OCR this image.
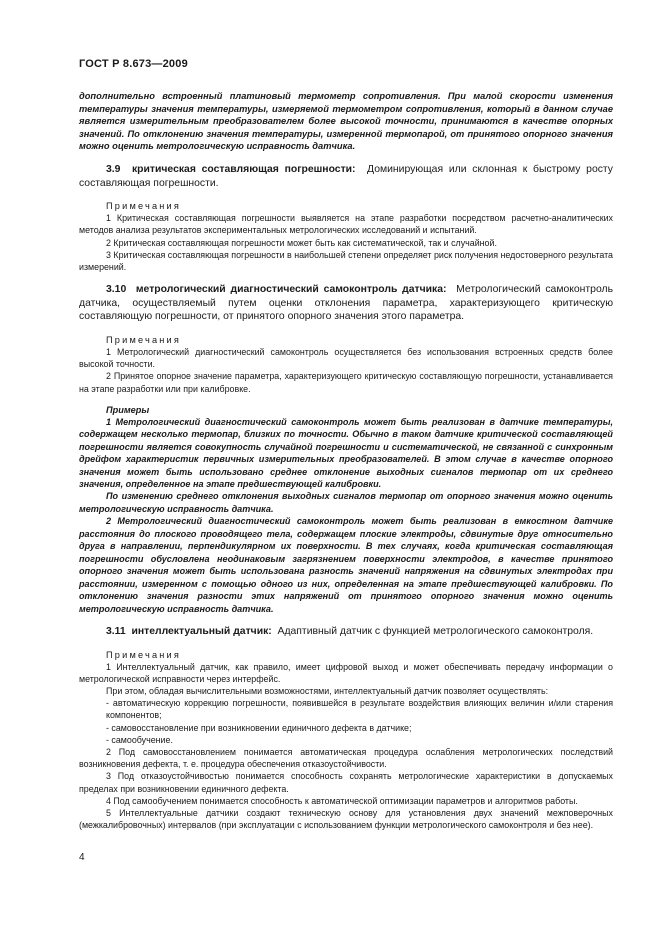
ГОСТ Р 8.673—2009

дополнительно встроенный платиновый термометр сопротивления. При малой скорости изменения температуры значения температуры, измеряемой термометром сопротивления, который в данном случае является измерительным преобразователем более высокой точности, принимаются в качестве опорных значений. По отклонению значения температуры, измеренной термопарой, от принятого опорного значения можно оценить метрологическую исправность датчика.

3.9 критическая составляющая погрешности: Доминирующая или склонная к быстрому росту составляющая погрешности.

Примечания

1 Критическая составляющая погрешности выявляется на этапе разработки посредством расчетно-аналитических методов анализа результатов экспериментальных метрологических исследований и испытаний.

2 Критическая составляющая погрешности может быть как систематической, так и случайной.

3 Критическая составляющая погрешности в наибольшей степени определяет риск получения недостоверного результата измерений.

3.10 метрологический диагностический самоконтроль датчика: Метрологический самоконтроль датчика, осуществляемый путем оценки отклонения параметра, характеризующего критическую составляющую погрешности, от принятого опорного значения этого параметра.

Примечания

1 Метрологический диагностический самоконтроль осуществляется без использования встроенных средств более высокой точности.

2 Принятое опорное значение параметра, характеризующего критическую составляющую погрешности, устанавливается на этапе разработки или при калибровке.

Примеры

1 Метрологический диагностический самоконтроль может быть реализован в датчике температуры, содержащем несколько термопар, близких по точности. Обычно в таком датчике критической составляющей погрешности является совокупность случайной погрешности и систематической, не связанной с синхронным дрейфом характеристик первичных измерительных преобразователей. В этом случае в качестве опорного значения может быть использовано среднее отклонение выходных сигналов термопар от их среднего значения, определенное на этапе предшествующей калибровки.

По изменению среднего отклонения выходных сигналов термопар от опорного значения можно оценить метрологическую исправность датчика.

2 Метрологический диагностический самоконтроль может быть реализован в емкостном датчике расстояния до плоского проводящего тела, содержащем плоские электроды, сдвинутые друг относительно друга в направлении, перпендикулярном их поверхности. В тех случаях, когда критическая составляющая погрешности обусловлена неодинаковым загрязнением поверхности электродов, в качестве принятого опорного значения может быть использована разность значений напряжения на сдвинутых электродах при расстоянии, измеренном с помощью одного из них, определенная на этапе предшествующей калибровки. По отклонению значения разности этих напряжений от принятого опорного значения можно оценить метрологическую исправность датчика.

3.11 интеллектуальный датчик: Адаптивный датчик с функцией метрологического самоконтроля.

Примечания

1 Интеллектуальный датчик, как правило, имеет цифровой выход и может обеспечивать передачу информации о метрологической исправности через интерфейс.

При этом, обладая вычислительными возможностями, интеллектуальный датчик позволяет осуществлять:

- автоматическую коррекцию погрешности, появившейся в результате воздействия влияющих величин и/или старения компонентов;

- самовосстановление при возникновении единичного дефекта в датчике;

- самообучение.

2 Под самовосстановлением понимается автоматическая процедура ослабления метрологических последствий возникновения дефекта, т. е. процедура обеспечения отказоустойчивости.

3 Под отказоустойчивостью понимается способность сохранять метрологические характеристики в допускаемых пределах при возникновении единичного дефекта.

4 Под самообучением понимается способность к автоматической оптимизации параметров и алгоритмов работы.

5 Интеллектуальные датчики создают техническую основу для установления двух значений межповерочных (межкалибровочных) интервалов (при эксплуатации с использованием функции метрологического самоконтроля и без нее).

4
